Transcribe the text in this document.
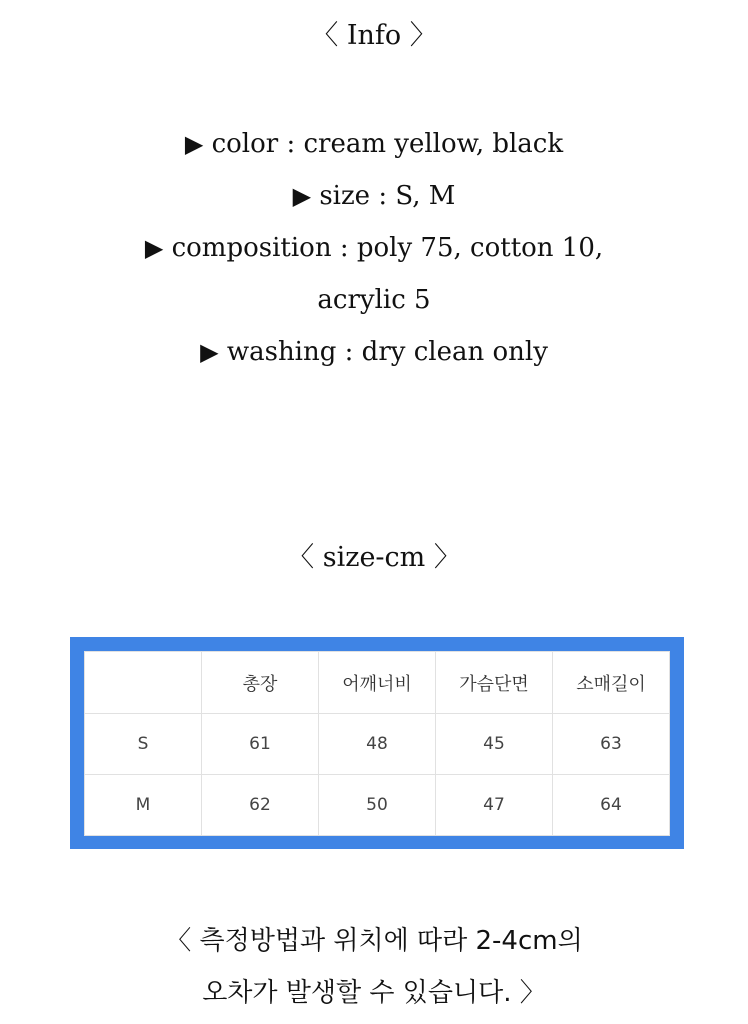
〈 Info 〉
▶ color : cream yellow, black
▶ size : S, M
▶ composition : poly 75, cotton 10,
acrylic 5
▶ washing : dry clean only
〈 size-cm 〉
	총장	어깨너비	가슴단면	소매길이
S	61	48	45	63
M	62	50	47	64
〈 측정방법과 위치에 따라 2-4cm의
오차가 발생할 수 있습니다. 〉
